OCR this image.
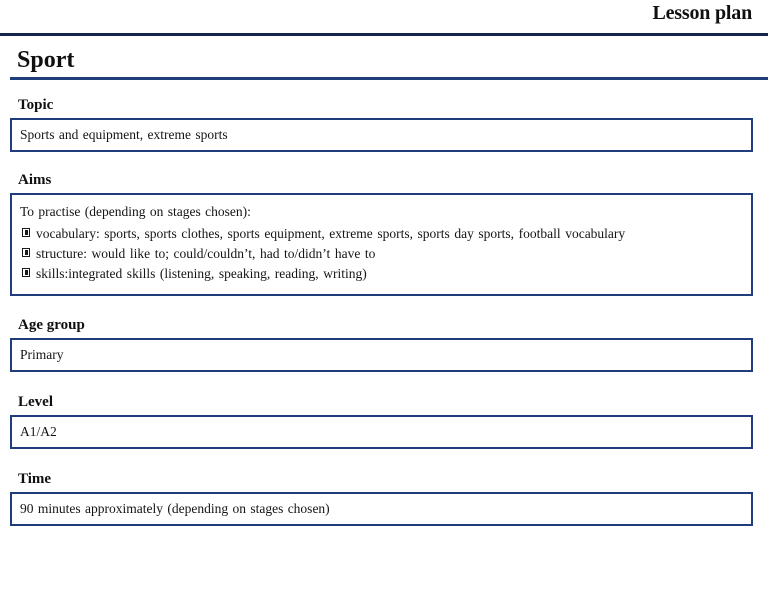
Lesson plan
Sport
Topic
Sports and equipment, extreme sports
Aims
To practise (depending on stages chosen):
vocabulary: sports, sports clothes, sports equipment, extreme sports, sports day sports, football vocabulary
structure: would like to; could/couldn’t, had to/didn’t have to
skills:integrated skills (listening, speaking, reading, writing)
Age group
Primary
Level
A1/A2
Time
90 minutes approximately (depending on stages chosen)
